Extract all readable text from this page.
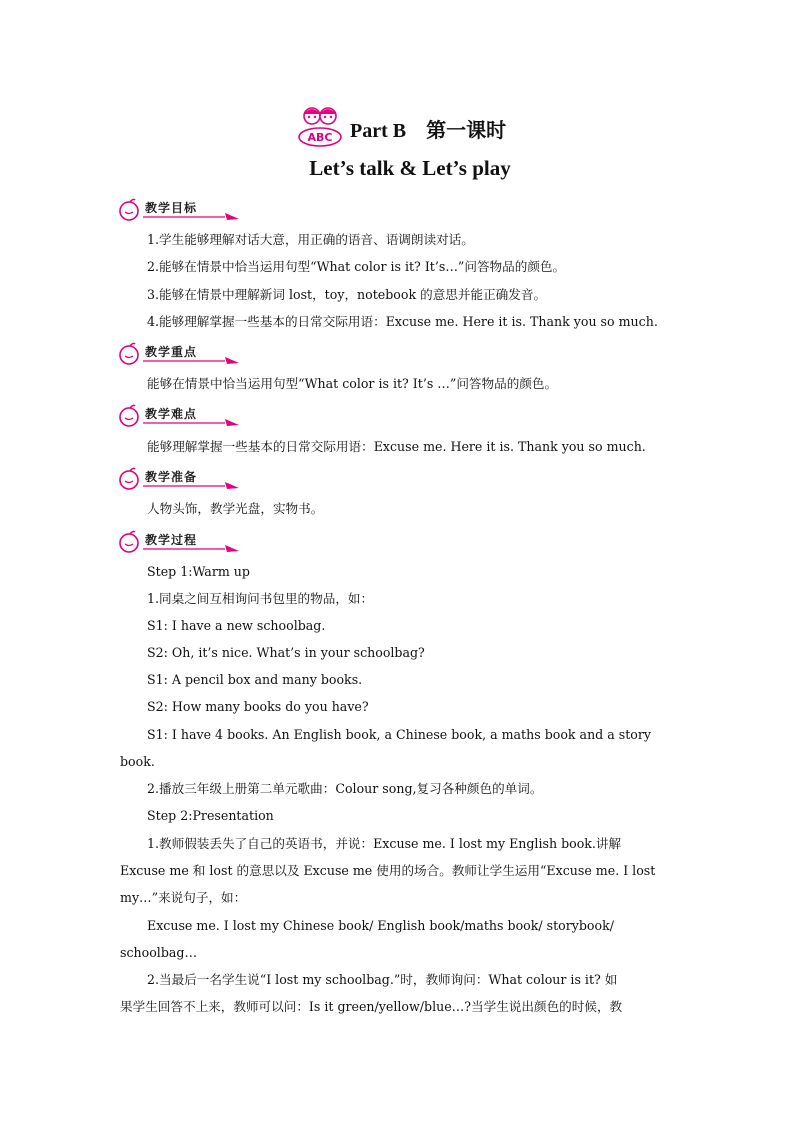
ABC Part B　第一课时
Let’s talk & Let’s play
教学目标
1.学生能够理解对话大意，用正确的语音、语调朗读对话。
2.能够在情景中恰当运用句型“What color is it? It’s…”问答物品的颜色。
3.能够在情景中理解新词 lost，toy，notebook 的意思并能正确发音。
4.能够理解掌握一些基本的日常交际用语：Excuse me. Here it is. Thank you so much.
教学重点
能够在情景中恰当运用句型“What color is it? It’s …”问答物品的颜色。
教学难点
能够理解掌握一些基本的日常交际用语：Excuse me. Here it is. Thank you so much.
教学准备
人物头饰，教学光盘，实物书。
教学过程
Step 1:Warm up
1.同桌之间互相询问书包里的物品，如：
S1: I have a new schoolbag.
S2: Oh, it’s nice. What’s in your schoolbag?
S1: A pencil box and many books.
S2: How many books do you have?
S1: I have 4 books. An English book, a Chinese book, a maths book and a story
book.
2.播放三年级上册第二单元歌曲：Colour song,复习各种颜色的单词。
Step 2:Presentation
1.教师假装丢失了自己的英语书，并说：Excuse me. I lost my English book.讲解
Excuse me 和 lost 的意思以及 Excuse me 使用的场合。教师让学生运用“Excuse me. I lost
my…”来说句子，如：
Excuse me. I lost my Chinese book/ English book/maths book/ storybook/
schoolbag…
2.当最后一名学生说“I lost my schoolbag.”时，教师询问：What colour is it? 如
果学生回答不上来，教师可以问：Is it green/yellow/blue…?当学生说出颜色的时候，教
